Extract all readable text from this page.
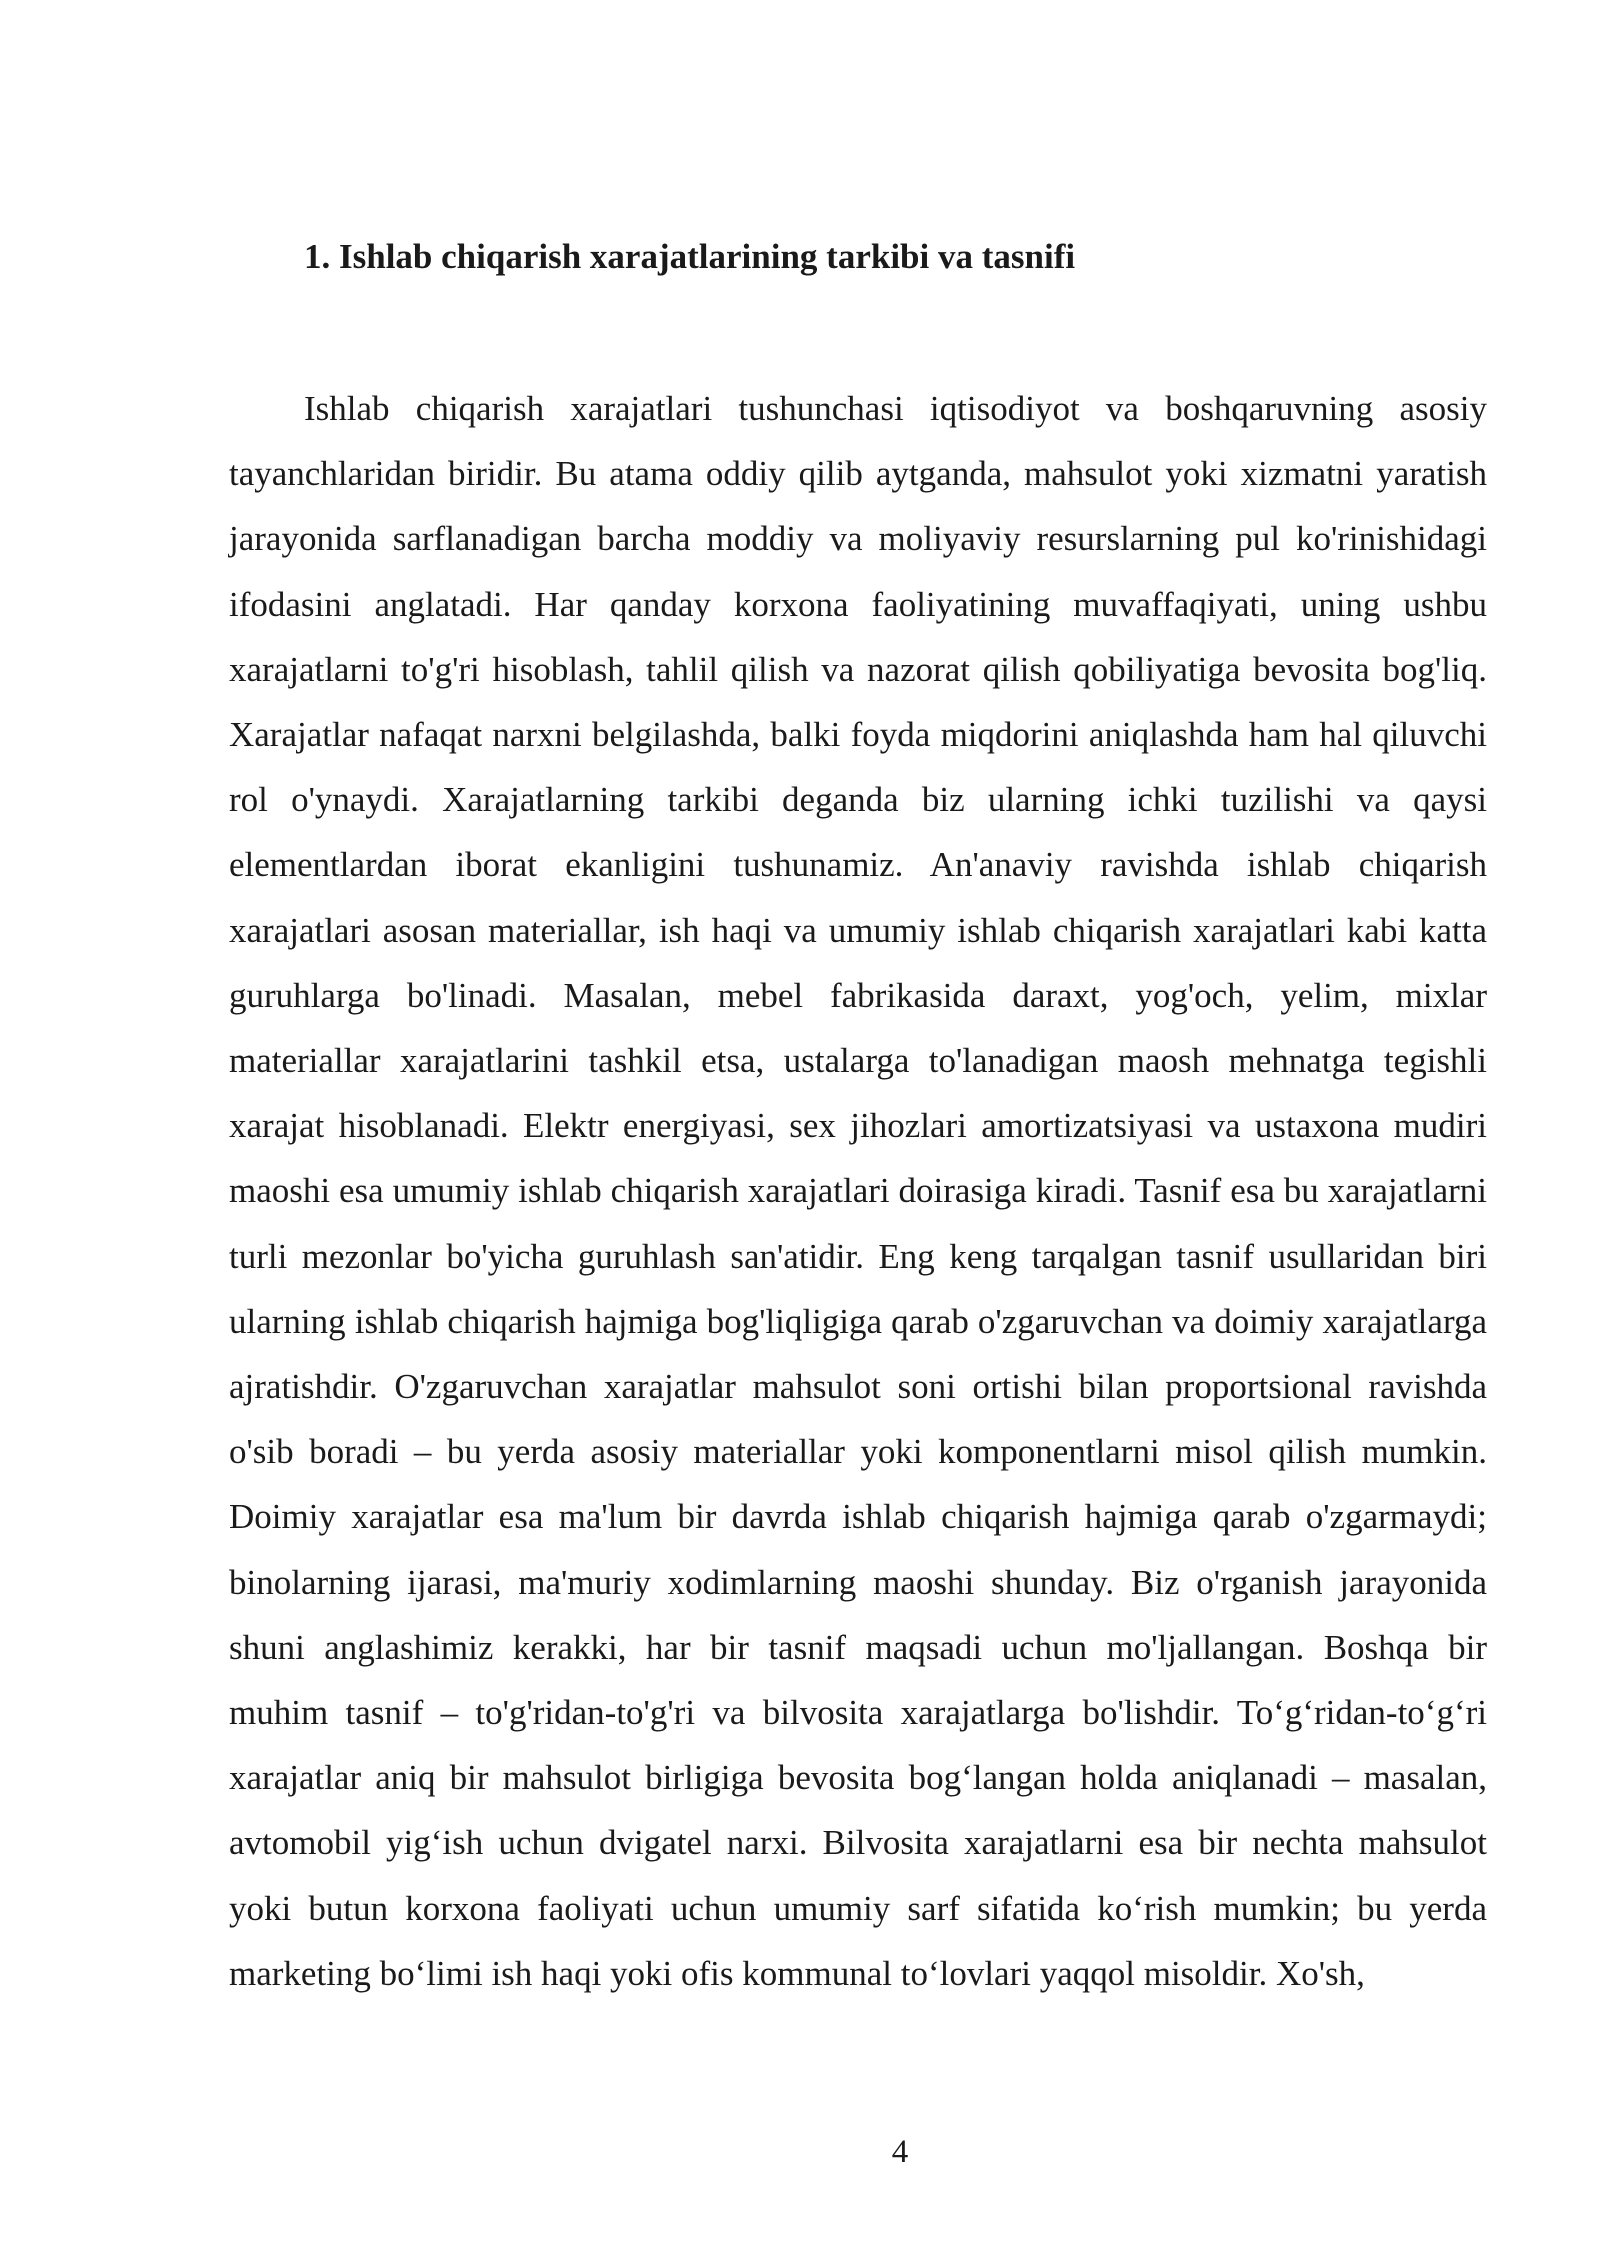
1. Ishlab chiqarish xarajatlarining tarkibi va tasnifi

Ishlab chiqarish xarajatlari tushunchasi iqtisodiyot va boshqaruvning asosiy tayanchlaridan biridir. Bu atama oddiy qilib aytganda, mahsulot yoki xizmatni yaratish jarayonida sarflanadigan barcha moddiy va moliyaviy resurslarning pul ko'rinishidagi ifodasini anglatadi. Har qanday korxona faoliyatining muvaffaqiyati, uning ushbu xarajatlarni to'g'ri hisoblash, tahlil qilish va nazorat qilish qobiliyatiga bevosita bog'liq. Xarajatlar nafaqat narxni belgilashda, balki foyda miqdorini aniqlashda ham hal qiluvchi rol o'ynaydi. Xarajatlarning tarkibi deganda biz ularning ichki tuzilishi va qaysi elementlardan iborat ekanligini tushunamiz. An'anaviy ravishda ishlab chiqarish xarajatlari asosan materiallar, ish haqi va umumiy ishlab chiqarish xarajatlari kabi katta guruhlarga bo'linadi. Masalan, mebel fabrikasida daraxt, yog'och, yelim, mixlar materiallar xarajatlarini tashkil etsa, ustalarga to'lanadigan maosh mehnatga tegishli xarajat hisoblanadi. Elektr energiyasi, sex jihozlari amortizatsiyasi va ustaxona mudiri maoshi esa umumiy ishlab chiqarish xarajatlari doirasiga kiradi. Tasnif esa bu xarajatlarni turli mezonlar bo'yicha guruhlash san'atidir. Eng keng tarqalgan tasnif usullaridan biri ularning ishlab chiqarish hajmiga bog'liqligiga qarab o'zgaruvchan va doimiy xarajatlarga ajratishdir. O'zgaruvchan xarajatlar mahsulot soni ortishi bilan proportsional ravishda o'sib boradi – bu yerda asosiy materiallar yoki komponentlarni misol qilish mumkin. Doimiy xarajatlar esa ma'lum bir davrda ishlab chiqarish hajmiga qarab o'zgarmaydi; binolarning ijarasi, ma'muriy xodimlarning maoshi shunday. Biz o'rganish jarayonida shuni anglashimiz kerakki, har bir tasnif maqsadi uchun mo'ljallangan. Boshqa bir muhim tasnif – to'g'ridan-to'g'ri va bilvosita xarajatlarga bo'lishdir. To‘g‘ridan-to‘g‘ri xarajatlar aniq bir mahsulot birligiga bevosita bog‘langan holda aniqlanadi – masalan, avtomobil yig‘ish uchun dvigatel narxi. Bilvosita xarajatlarni esa bir nechta mahsulot yoki butun korxona faoliyati uchun umumiy sarf sifatida ko‘rish mumkin; bu yerda marketing bo‘limi ish haqi yoki ofis kommunal to‘lovlari yaqqol misoldir. Xo'sh,

4
